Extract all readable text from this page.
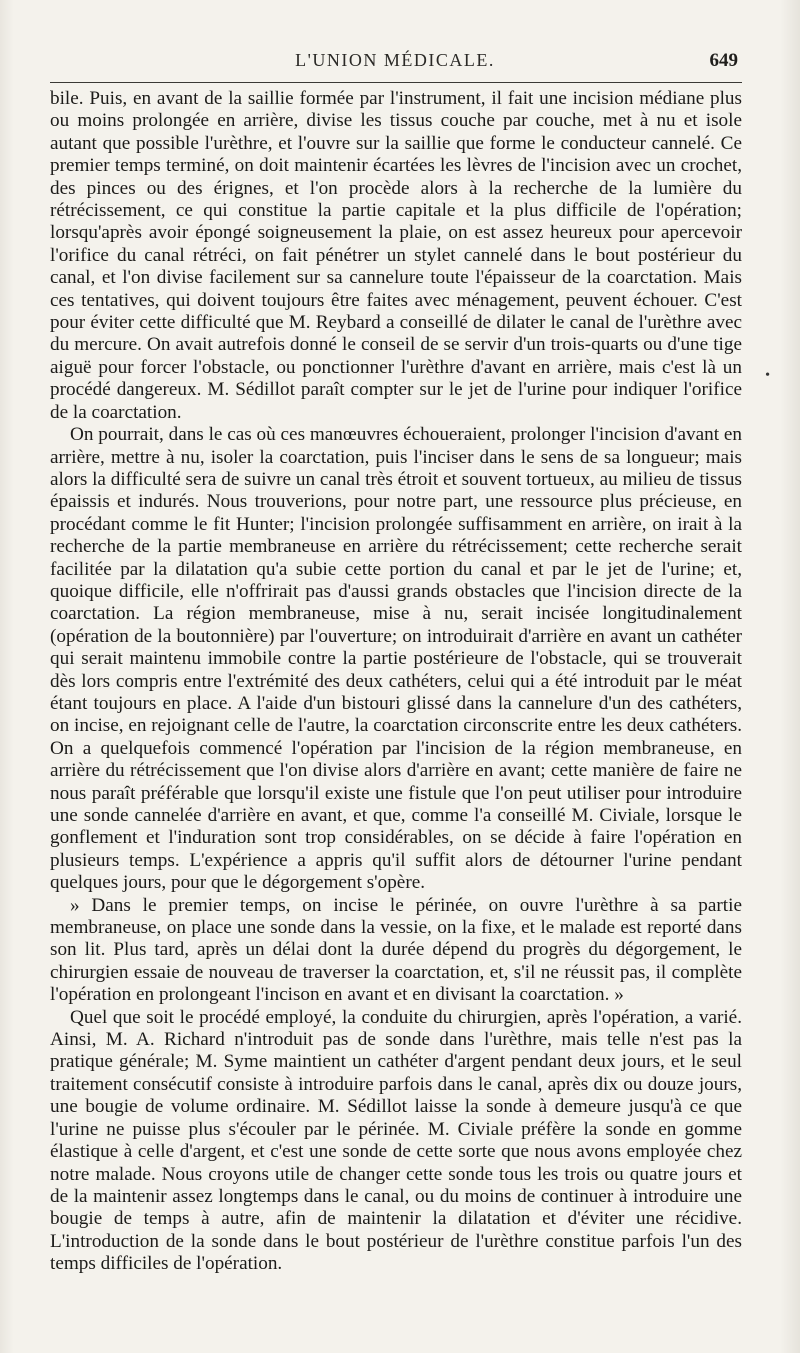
L'UNION MÉDICALE.	649

bile. Puis, en avant de la saillie formée par l'instrument, il fait une incision médiane plus ou moins prolongée en arrière, divise les tissus couche par couche, met à nu et isole autant que possible l'urèthre, et l'ouvre sur la saillie que forme le conducteur cannelé. Ce premier temps terminé, on doit maintenir écartées les lèvres de l'incision avec un crochet, des pinces ou des érignes, et l'on procède alors à la recherche de la lumière du rétrécissement, ce qui constitue la partie capitale et la plus difficile de l'opération; lorsqu'après avoir épongé soigneusement la plaie, on est assez heureux pour apercevoir l'orifice du canal rétréci, on fait pénétrer un stylet cannelé dans le bout postérieur du canal, et l'on divise facilement sur sa cannelure toute l'épaisseur de la coarctation. Mais ces tentatives, qui doivent toujours être faites avec ménagement, peuvent échouer. C'est pour éviter cette difficulté que M. Reybard a conseillé de dilater le canal de l'urèthre avec du mercure. On avait autrefois donné le conseil de se servir d'un trois-quarts ou d'une tige aiguë pour forcer l'obstacle, ou ponctionner l'urèthre d'avant en arrière, mais c'est là un procédé dangereux. M. Sédillot paraît compter sur le jet de l'urine pour indiquer l'orifice de la coarctation.

On pourrait, dans le cas où ces manœuvres échoueraient, prolonger l'incision d'avant en arrière, mettre à nu, isoler la coarctation, puis l'inciser dans le sens de sa longueur; mais alors la difficulté sera de suivre un canal très étroit et souvent tortueux, au milieu de tissus épaissis et indurés. Nous trouverions, pour notre part, une ressource plus précieuse, en procédant comme le fit Hunter; l'incision prolongée suffisamment en arrière, on irait à la recherche de la partie membraneuse en arrière du rétrécissement; cette recherche serait facilitée par la dilatation qu'a subie cette portion du canal et par le jet de l'urine; et, quoique difficile, elle n'offrirait pas d'aussi grands obstacles que l'incision directe de la coarctation. La région membraneuse, mise à nu, serait incisée longitudinalement (opération de la boutonnière) par l'ouverture; on introduirait d'arrière en avant un cathéter qui serait maintenu immobile contre la partie postérieure de l'obstacle, qui se trouverait dès lors compris entre l'extrémité des deux cathéters, celui qui a été introduit par le méat étant toujours en place. A l'aide d'un bistouri glissé dans la cannelure d'un des cathéters, on incise, en rejoignant celle de l'autre, la coarctation circonscrite entre les deux cathéters. On a quelquefois commencé l'opération par l'incision de la région membraneuse, en arrière du rétrécissement que l'on divise alors d'arrière en avant; cette manière de faire ne nous paraît préférable que lorsqu'il existe une fistule que l'on peut utiliser pour introduire une sonde cannelée d'arrière en avant, et que, comme l'a conseillé M. Civiale, lorsque le gonflement et l'induration sont trop considérables, on se décide à faire l'opération en plusieurs temps. L'expérience a appris qu'il suffit alors de détourner l'urine pendant quelques jours, pour que le dégorgement s'opère.

» Dans le premier temps, on incise le périnée, on ouvre l'urèthre à sa partie membraneuse, on place une sonde dans la vessie, on la fixe, et le malade est reporté dans son lit. Plus tard, après un délai dont la durée dépend du progrès du dégorgement, le chirurgien essaie de nouveau de traverser la coarctation, et, s'il ne réussit pas, il complète l'opération en prolongeant l'incison en avant et en divisant la coarctation. »

Quel que soit le procédé employé, la conduite du chirurgien, après l'opération, a varié. Ainsi, M. A. Richard n'introduit pas de sonde dans l'urèthre, mais telle n'est pas la pratique générale; M. Syme maintient un cathéter d'argent pendant deux jours, et le seul traitement consécutif consiste à introduire parfois dans le canal, après dix ou douze jours, une bougie de volume ordinaire. M. Sédillot laisse la sonde à demeure jusqu'à ce que l'urine ne puisse plus s'écouler par le périnée. M. Civiale préfère la sonde en gomme élastique à celle d'argent, et c'est une sonde de cette sorte que nous avons employée chez notre malade. Nous croyons utile de changer cette sonde tous les trois ou quatre jours et de la maintenir assez longtemps dans le canal, ou du moins de continuer à introduire une bougie de temps à autre, afin de maintenir la dilatation et d'éviter une récidive. L'introduction de la sonde dans le bout postérieur de l'urèthre constitue parfois l'un des temps difficiles de l'opération.

•
